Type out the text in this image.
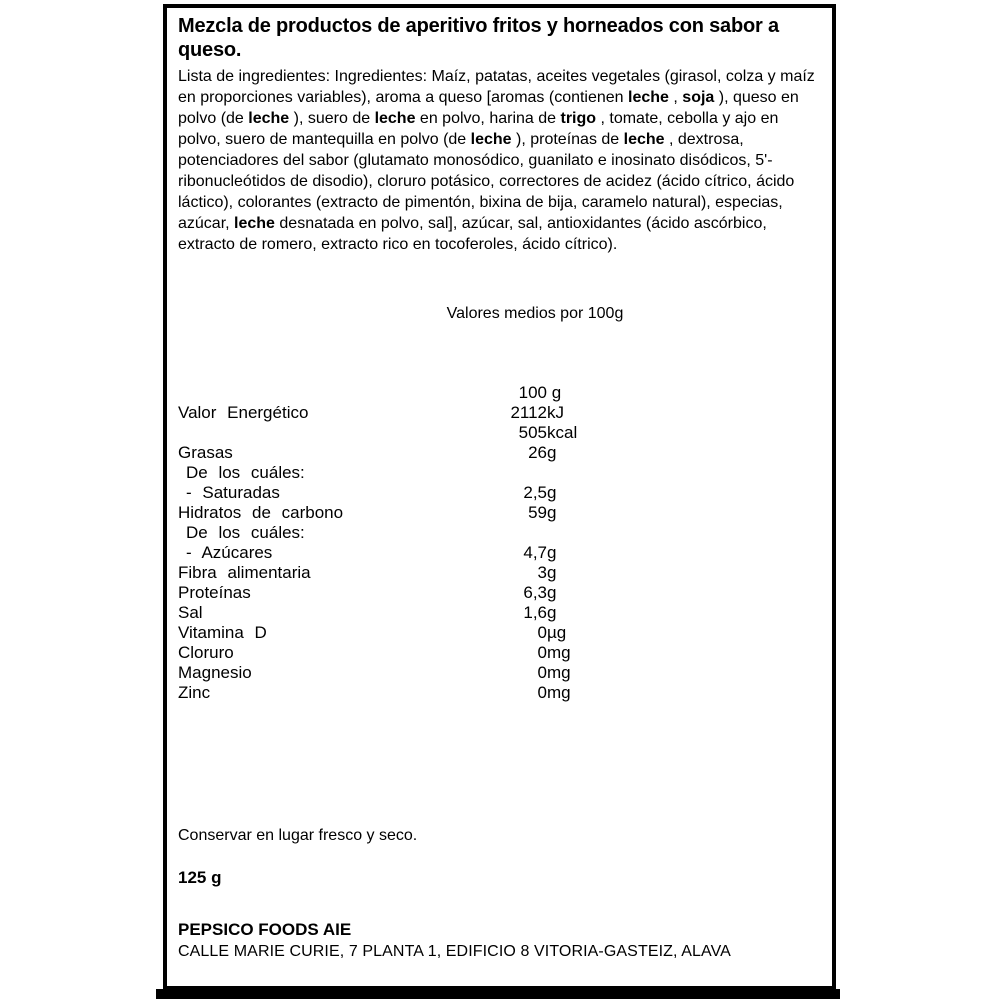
Mezcla de productos de aperitivo fritos y horneados con sabor a queso.
Lista de ingredientes: Ingredientes: Maíz, patatas, aceites vegetales (girasol, colza y maíz en proporciones variables), aroma a queso [aromas (contienen leche , soja ), queso en polvo (de leche ), suero de leche en polvo, harina de trigo , tomate, cebolla y ajo en polvo, suero de mantequilla en polvo (de leche ), proteínas de leche , dextrosa, potenciadores del sabor (glutamato monosódico, guanilato e inosinato disódicos, 5'-ribonucleótidos de disodio), cloruro potásico, correctores de acidez (ácido cítrico, ácido láctico), colorantes (extracto de pimentón, bixina de bija, caramelo natural), especias, azúcar, leche desnatada en polvo, sal], azúcar, sal, antioxidantes (ácido ascórbico, extracto de romero, extracto rico en tocoferoles, ácido cítrico).
Valores medios por 100g
100 g
Valor Energético	2112 kJ
505 kcal
Grasas	26 g
De los cuáles:
- Saturadas	2,5 g
Hidratos de carbono	59 g
De los cuáles:
- Azúcares	4,7 g
Fibra alimentaria	3 g
Proteínas	6,3 g
Sal	1,6 g
Vitamina D	0 µg
Cloruro	0 mg
Magnesio	0 mg
Zinc	0 mg
Conservar en lugar fresco y seco.
125 g
PEPSICO FOODS AIE
CALLE MARIE CURIE, 7 PLANTA 1, EDIFICIO 8 VITORIA-GASTEIZ, ALAVA
